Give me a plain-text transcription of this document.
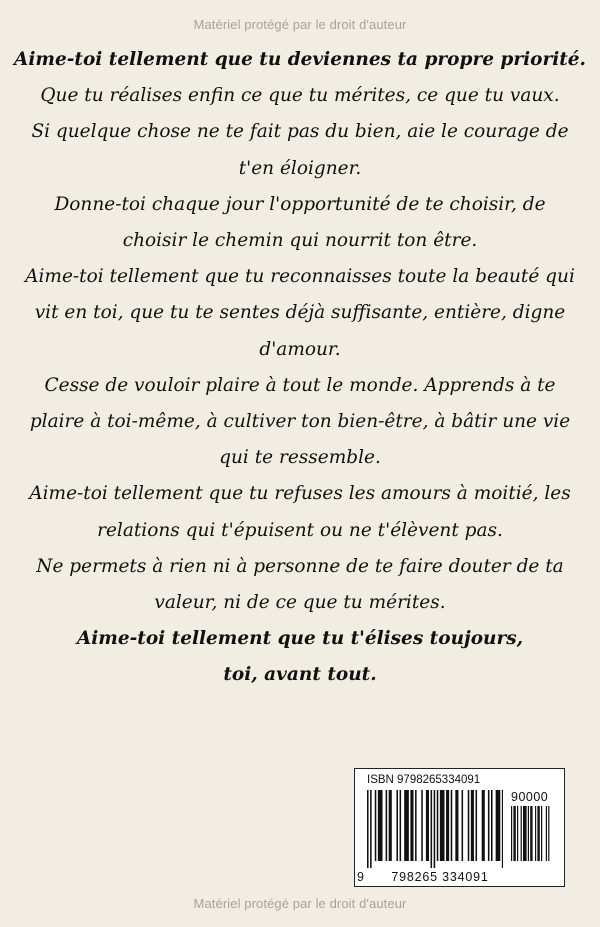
Matériel protégé par le droit d'auteur
Aime-toi tellement que tu deviennes ta propre priorité.
Que tu réalises enfin ce que tu mérites, ce que tu vaux.
Si quelque chose ne te fait pas du bien, aie le courage de
t'en éloigner.
Donne-toi chaque jour l'opportunité de te choisir, de
choisir le chemin qui nourrit ton être.
Aime-toi tellement que tu reconnaisses toute la beauté qui
vit en toi, que tu te sentes déjà suffisante, entière, digne
d'amour.
Cesse de vouloir plaire à tout le monde. Apprends à te
plaire à toi-même, à cultiver ton bien-être, à bâtir une vie
qui te ressemble.
Aime-toi tellement que tu refuses les amours à moitié, les
relations qui t'épuisent ou ne t'élèvent pas.
Ne permets à rien ni à personne de te faire douter de ta
valeur, ni de ce que tu mérites.
Aime-toi tellement que tu t'élises toujours,
toi, avant tout.
ISBN 9798265334091
90000
9	798265 334091
Matériel protégé par le droit d'auteur
